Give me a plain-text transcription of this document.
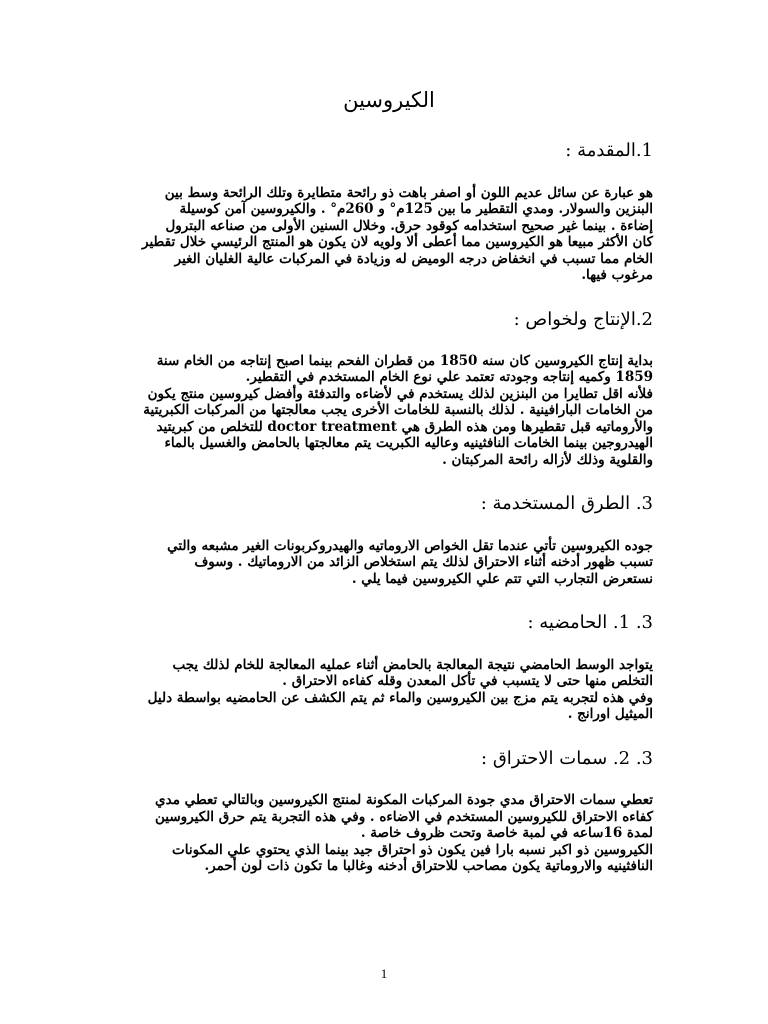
الكيروسين
1.المقدمة :
هو عبارة عن سائل عديم اللون أو اصفر باهت ذو رائحة متطايرة وتلك الرائحة وسط بين
البنزين والسولار. ومدي التقطير ما بين 125م° و 260م° . والكيروسين آمن كوسيلة
إضاءة . بينما غير صحيح استخدامه كوقود حرق. وخلال السنين الأولى من صناعه البترول
كان الأكثر مبيعا هو الكيروسين مما أعطى ألا ولويه لان يكون هو المنتج الرئيسي خلال تقطير
الخام مما تسبب في انخفاض درجه الوميض له وزيادة في المركبات عالية الغليان الغير
مرغوب فيها.
2.الإنتاج ولخواص :
بداية إنتاج الكيروسين كان سنه 1850 من قطران الفحم بينما اصبح إنتاجه من الخام سنة
1859 وكميه إنتاجه وجودته تعتمد علي نوع الخام المستخدم في التقطير.
فلأنه اقل تطايرا من البنزين لذلك يستخدم في لأضاءه والتدفئة وأفضل كيروسين منتج يكون
من الخامات البارافينية . لذلك بالنسبة للخامات الأخرى يجب معالجتها من المركبات الكبريتية
والأروماتيه قبل تقطيرها ومن هذه الطرق هي doctor treatment للتخلص من كبريتيد
الهيدروجين بينما الخامات النافثينيه وعاليه الكبريت يتم معالجتها بالحامض والغسيل بالماء
والقلوية وذلك لأزاله رائحة المركبتان .
3. الطرق المستخدمة :
جوده الكيروسين تأتي عندما تقل الخواص الاروماتيه والهيدروكربونات الغير مشبعه والتي
تسبب ظهور أدخنه أثناء الاحتراق لذلك يتم استخلاص الزائد من الاروماتيك . وسوف
نستعرض التجارب التي تتم علي الكيروسين فيما يلي .
3. 1. الحامضيه :
يتواجد الوسط الحامضي نتيجة المعالجة بالحامض أثناء عمليه المعالجة للخام لذلك يجب
التخلص منها حتى لا يتسبب في تأكل المعدن وقله كفاءه الاحتراق .
وفي هذه لتجربه يتم مزج بين الكيروسين والماء ثم يتم الكشف عن الحامضيه بواسطة دليل
الميثيل اورانج .
3. 2. سمات الاحتراق :
تعطي سمات الاحتراق مدي جودة المركبات المكونة لمنتج الكيروسين وبالتالي تعطي مدي
كفاءه الاحتراق للكيروسين المستخدم في الاضاءه . وفي هذه التجربة يتم حرق الكيروسين
لمدة 16ساعه في لمبة خاصة وتحت ظروف خاصة .
الكيروسين ذو اكبر نسبه بارا فين يكون ذو احتراق جيد بينما الذي يحتوي علي المكونات
النافثينيه والاروماتية يكون مصاحب للاحتراق أدخنه وغالبا ما تكون ذات لون أحمر.
1
